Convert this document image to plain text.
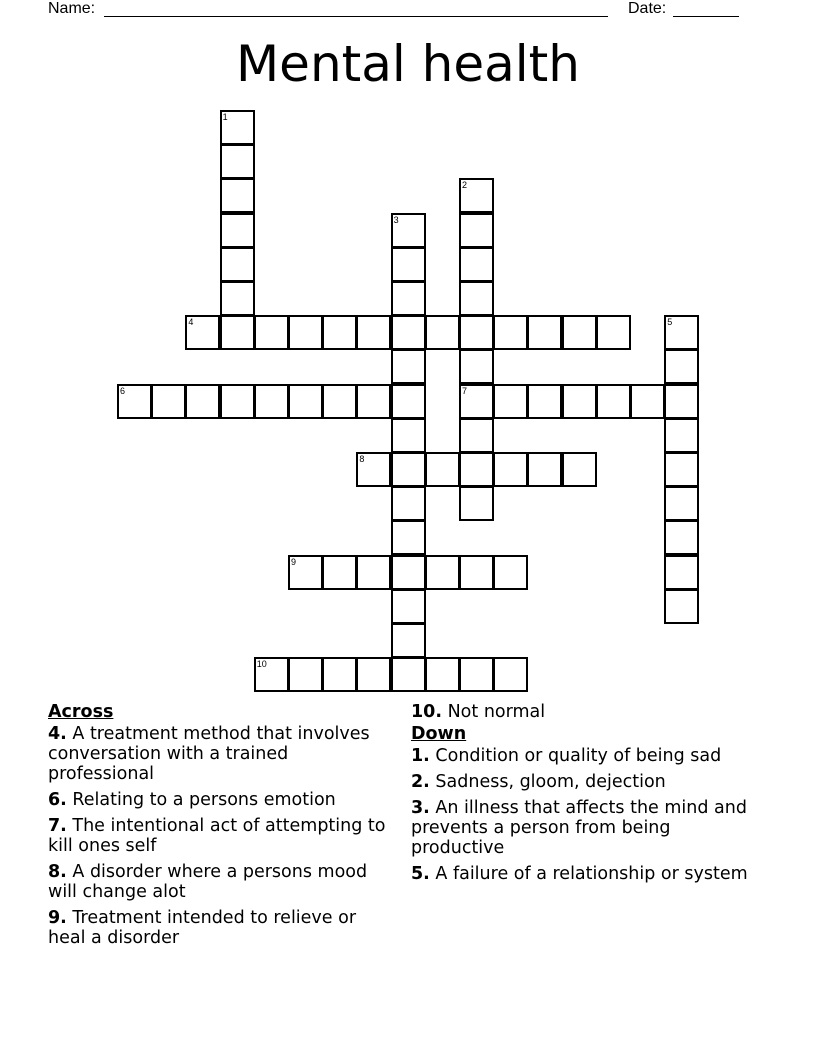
Name:	Date:
Mental health
1
2
7
3
4	5
6
8
9
10
Across
4. A treatment method that involves conversation with a trained professional
6. Relating to a persons emotion
7. The intentional act of attempting to kill ones self
8. A disorder where a persons mood will change alot
9. Treatment intended to relieve or heal a disorder
10. Not normal
Down
1. Condition or quality of being sad
2. Sadness, gloom, dejection
3. An illness that affects the mind and prevents a person from being productive
5. A failure of a relationship or system
